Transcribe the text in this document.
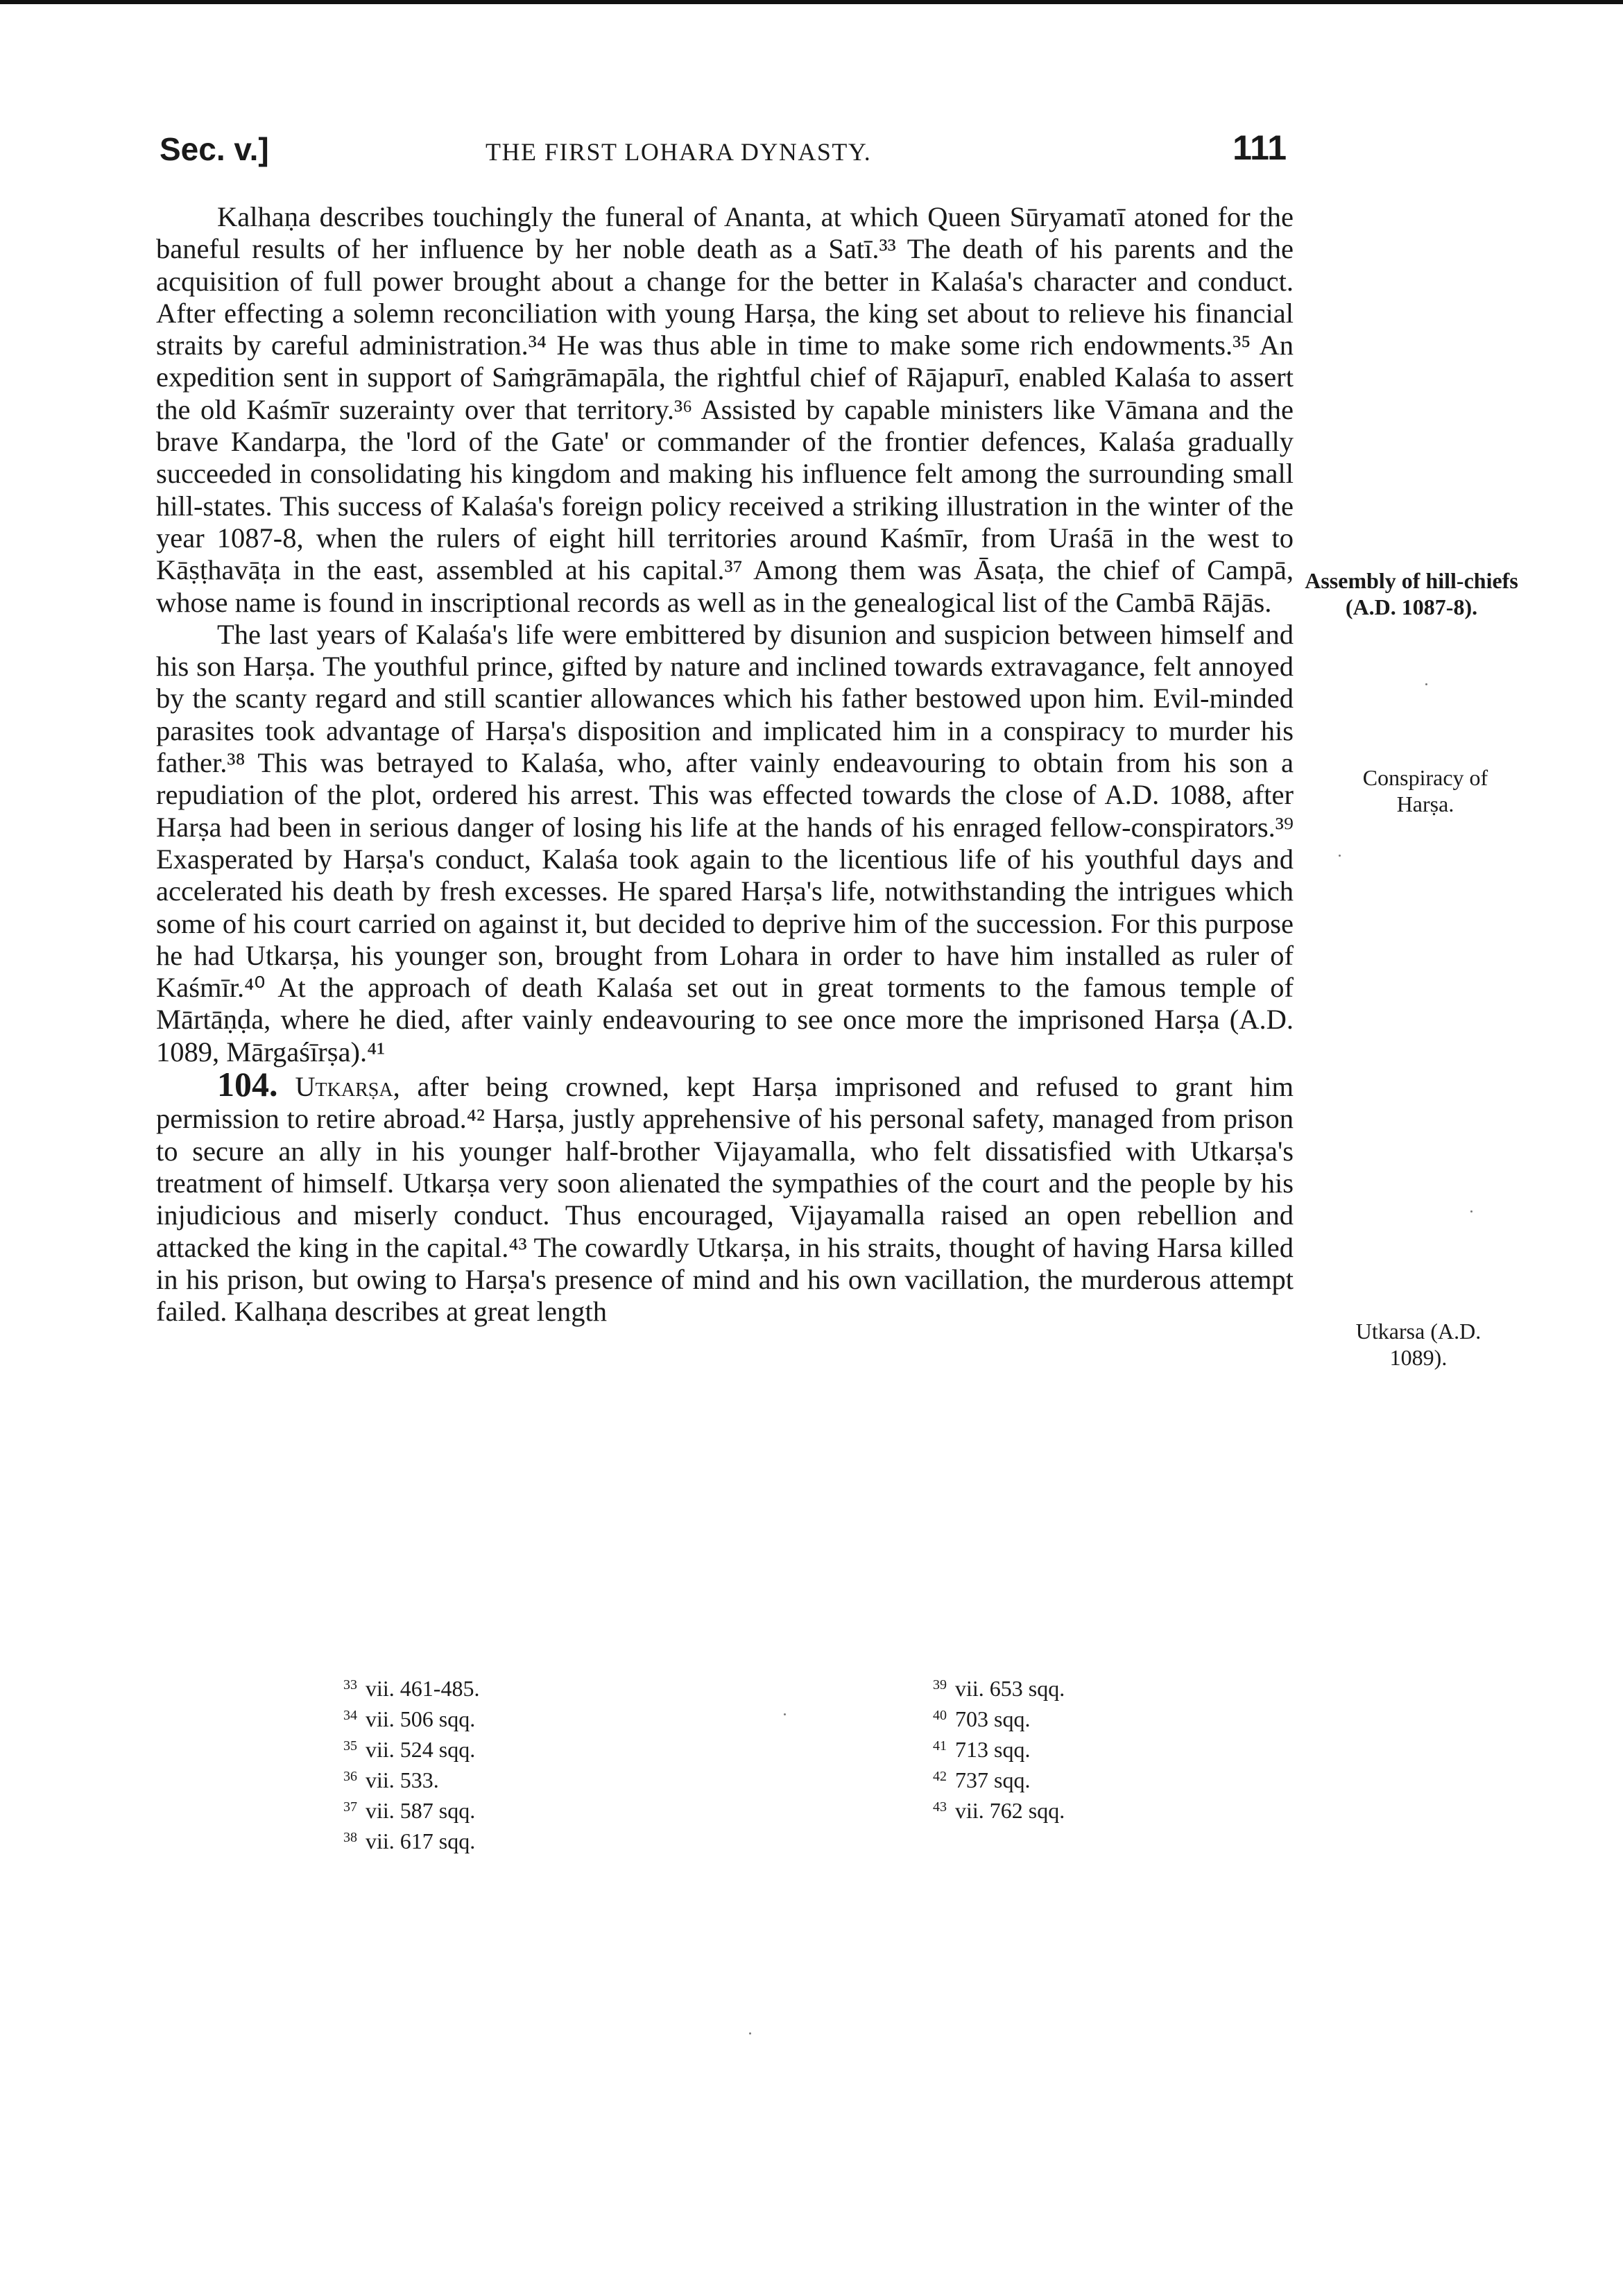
Sec. v.]	THE FIRST LOHARA DYNASTY.	111

Kalhaṇa describes touchingly the funeral of Ananta, at which Queen Sūryamatī atoned for the baneful results of her influence by her noble death as a Satī.³³ The death of his parents and the acquisition of full power brought about a change for the better in Kalaśa's character and conduct. After effecting a solemn reconciliation with young Harṣa, the king set about to relieve his financial straits by careful administration.³⁴ He was thus able in time to make some rich endowments.³⁵ An expedition sent in support of Saṁgrāmapāla, the rightful chief of Rājapurī, enabled Kalaśa to assert the old Kaśmīr suzerainty over that territory.³⁶ Assisted by capable ministers like Vāmana and the brave Kandarpa, the 'lord of the Gate' or commander of the frontier defences, Kalaśa gradually succeeded in consolidating his kingdom and making his influence felt among the surrounding small hill-states. This success of Kalaśa's foreign policy received a striking illustration in the winter of the year 1087-8, when the rulers of eight hill territories around Kaśmīr, from Uraśā in the west to Kāṣṭhavāṭa in the east, assembled at his capital.³⁷ Among them was Āsaṭa, the chief of Campā, whose name is found in inscriptional records as well as in the genealogical list of the Cambā Rājās.

The last years of Kalaśa's life were embittered by disunion and suspicion between himself and his son Harṣa. The youthful prince, gifted by nature and inclined towards extravagance, felt annoyed by the scanty regard and still scantier allowances which his father bestowed upon him. Evil-minded parasites took advantage of Harṣa's disposition and implicated him in a conspiracy to murder his father.³⁸ This was betrayed to Kalaśa, who, after vainly endeavouring to obtain from his son a repudiation of the plot, ordered his arrest. This was effected towards the close of A.D. 1088, after Harṣa had been in serious danger of losing his life at the hands of his enraged fellow-conspirators.³⁹ Exasperated by Harṣa's conduct, Kalaśa took again to the licentious life of his youthful days and accelerated his death by fresh excesses. He spared Harṣa's life, notwithstanding the intrigues which some of his court carried on against it, but decided to deprive him of the succession. For this purpose he had Utkarṣa, his younger son, brought from Lohara in order to have him installed as ruler of Kaśmīr.⁴⁰ At the approach of death Kalaśa set out in great torments to the famous temple of Mārtāṇḍa, where he died, after vainly endeavouring to see once more the imprisoned Harṣa (A.D. 1089, Mārgaśīrṣa).⁴¹

104. Utkarṣa, after being crowned, kept Harṣa imprisoned and refused to grant him permission to retire abroad.⁴² Harṣa, justly apprehensive of his personal safety, managed from prison to secure an ally in his younger half-brother Vijayamalla, who felt dissatisfied with Utkarṣa's treatment of himself. Utkarṣa very soon alienated the sympathies of the court and the people by his injudicious and miserly conduct. Thus encouraged, Vijayamalla raised an open rebellion and attacked the king in the capital.⁴³ The cowardly Utkarṣa, in his straits, thought of having Harsa killed in his prison, but owing to Harṣa's presence of mind and his own vacillation, the murderous attempt failed. Kalhaṇa describes at great length

Assembly of hill-chiefs (A.D. 1087-8).
Conspiracy of Harṣa.
Utkarsa (A.D. 1089).
$^{33}$ vii. 461-485.
$^{34}$ vii. 506 sqq.
$^{35}$ vii. 524 sqq.
$^{36}$ vii. 533.
$^{37}$ vii. 587 sqq.
$^{38}$ vii. 617 sqq.
$^{39}$ vii. 653 sqq.
$^{40}$ 703 sqq.
$^{41}$ 713 sqq.
$^{42}$ 737 sqq.
$^{43}$ vii. 762 sqq.
